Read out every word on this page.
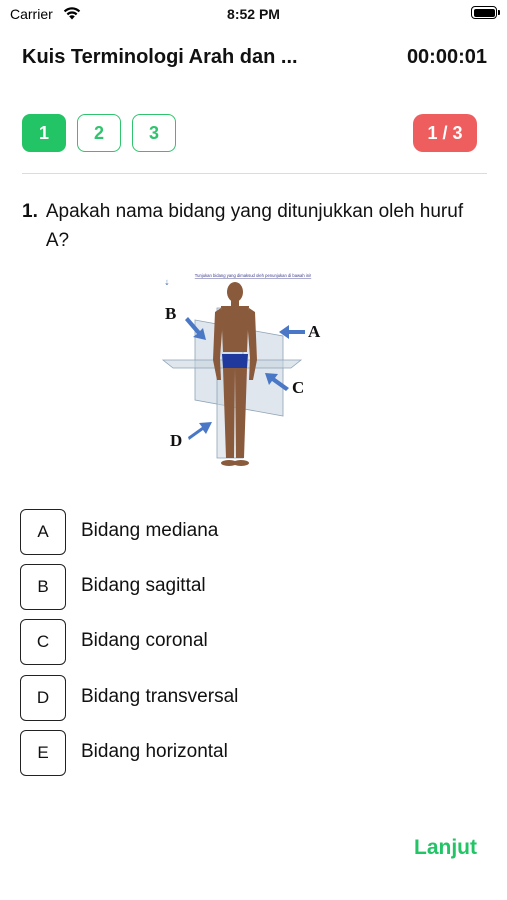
Carrier	8:52 PM
Kuis Terminologi Arah dan ...	00:00:01
1	2	3	1 / 3
1. Apakah nama bidang yang ditunjukkan oleh huruf A?
Tunjukan bidang yang dimaksud oleh penunjukan di bawah ini!
⇣
A
B
C
D
A	Bidang mediana
B	Bidang sagittal
C	Bidang coronal
D	Bidang transversal
E	Bidang horizontal
Lanjut
